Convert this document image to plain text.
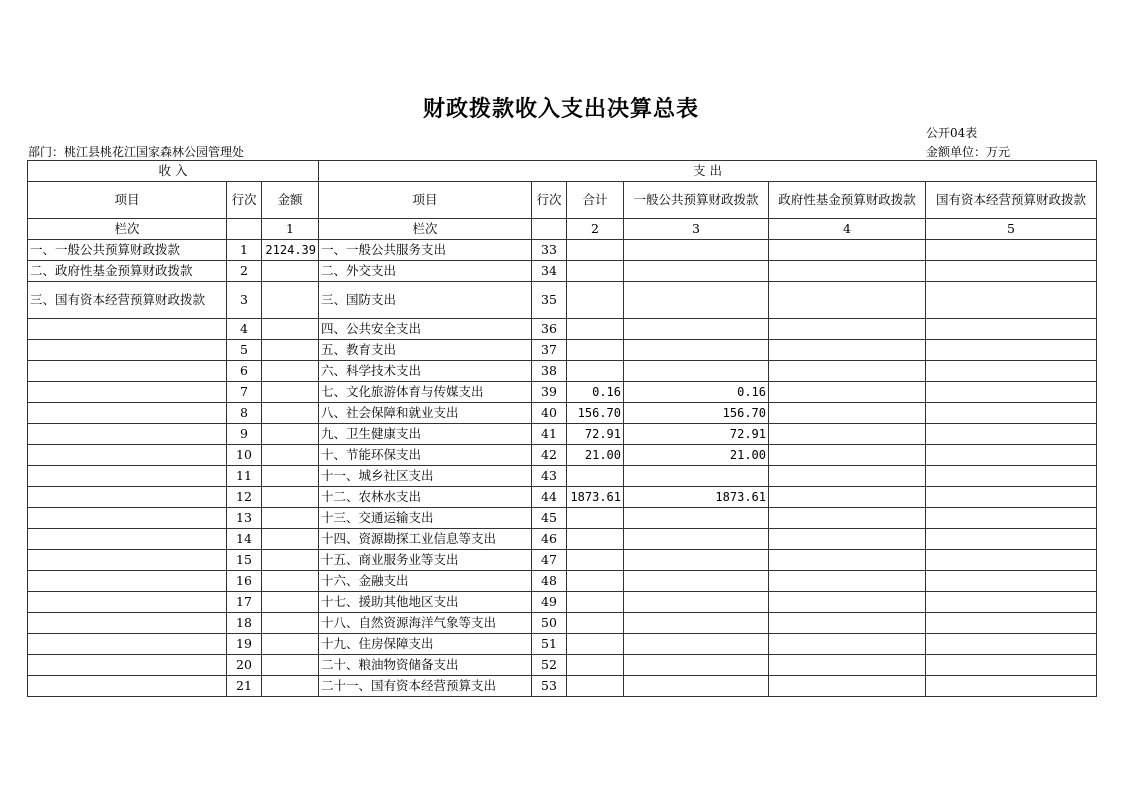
财政拨款收入支出决算总表
公开04表
部门：桃江县桃花江国家森林公园管理处	金额单位：万元
收 入			支 出					
项目	行次	金额	项目	行次	合计	一般公共预算财政拨款	政府性基金预算财政拨款	国有资本经营预算财政拨款
栏次		1	栏次		2	3	4	5
一、一般公共预算财政拨款	1	2124.39	一、一般公共服务支出	33				
二、政府性基金预算财政拨款	2		二、外交支出	34				
三、国有资本经营预算财政拨款	3		三、国防支出	35				
	4		四、公共安全支出	36				
	5		五、教育支出	37				
	6		六、科学技术支出	38				
	7		七、文化旅游体育与传媒支出	39	0.16	0.16		
	8		八、社会保障和就业支出	40	156.70	156.70		
	9		九、卫生健康支出	41	72.91	72.91		
	10		十、节能环保支出	42	21.00	21.00		
	11		十一、城乡社区支出	43				
	12		十二、农林水支出	44	1873.61	1873.61		
	13		十三、交通运输支出	45				
	14		十四、资源勘探工业信息等支出	46				
	15		十五、商业服务业等支出	47				
	16		十六、金融支出	48				
	17		十七、援助其他地区支出	49				
	18		十八、自然资源海洋气象等支出	50				
	19		十九、住房保障支出	51				
	20		二十、粮油物资储备支出	52				
	21		二十一、国有资本经营预算支出	53				
